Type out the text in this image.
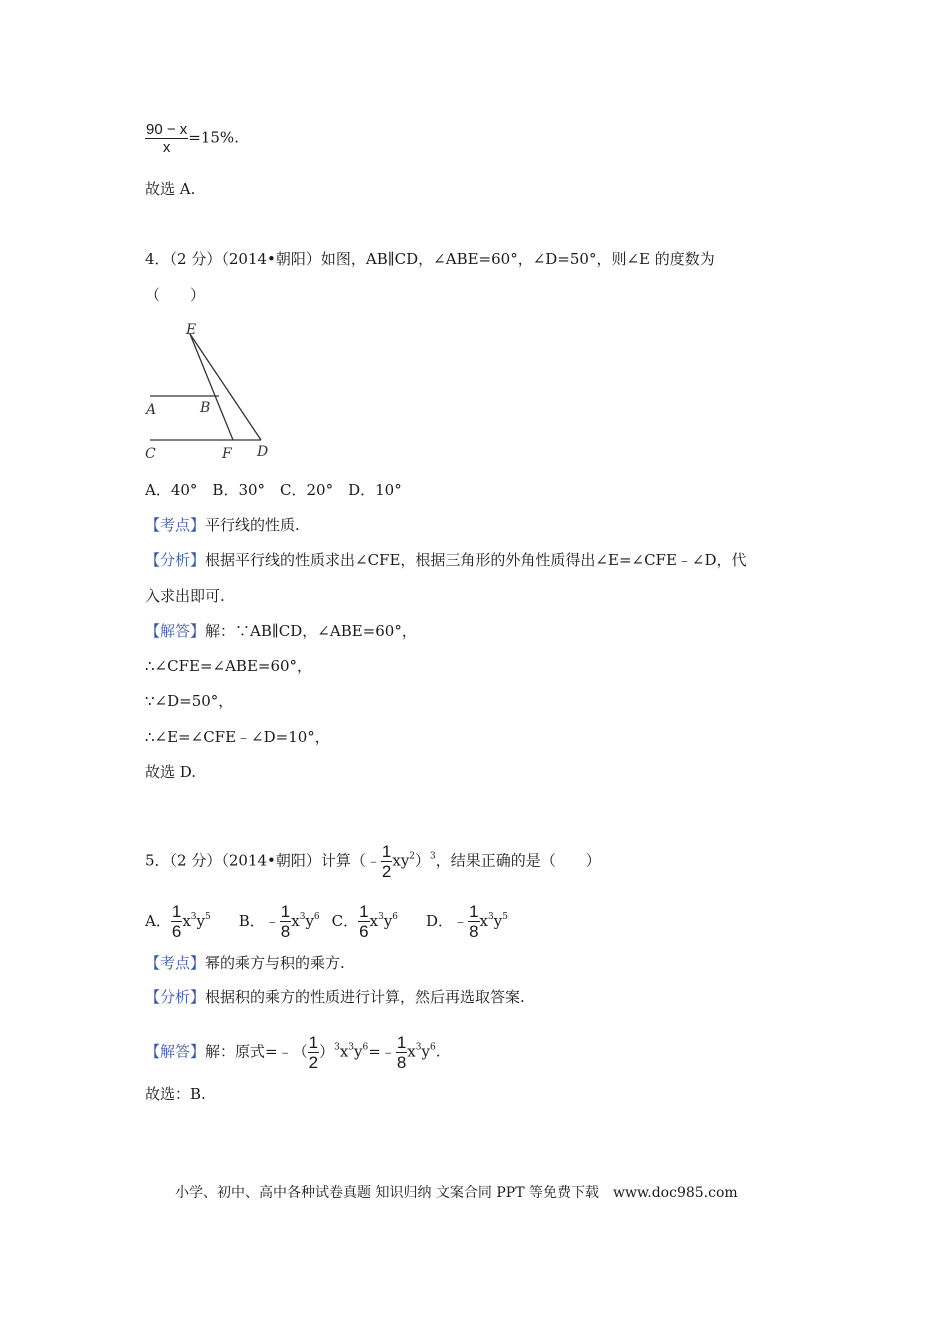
$\frac{90 - x}{x} =15\%$.
故选 A.
4．（2 分）（2014•朝阳）如图，AB∥CD，∠ABE=60°，∠D=50°，则∠E 的度数为
（　　）
E
A	B
C	F D
A．40°　B．30°　C．20°　D．10°
【考点】平行线的性质.
【分析】根据平行线的性质求出∠CFE，根据三角形的外角性质得出∠E=∠CFE﹣∠D，代
入求出即可.
【解答】解：∵AB∥CD，∠ABE=60°，
∴∠CFE=∠ABE=60°，
∵∠D=50°，
∴∠E=∠CFE﹣∠D=10°，
故选 D.
5．（2 分）（2014•朝阳）计算（﹣ $\frac{1}{2} xy^2)^3$，结果正确的是（　　）
A． $\frac{1}{6} x^3y^5$ B．﹣ $\frac{1}{8} x^3y^6$ C． $\frac{1}{6} x^3y^6$ D．﹣ $\frac{1}{8} x^3y^5$
【考点】幂的乘方与积的乘方.
【分析】根据积的乘方的性质进行计算，然后再选取答案.
【解答】解：原式=﹣（ $\frac{1}{2}$ ）$^3x^3y^6=﹣ \frac{1}{8} x^3y^6$.
故选：B.
小学、初中、高中各种试卷真题 知识归纳 文案合同 PPT 等免费下载　www.doc985.com
